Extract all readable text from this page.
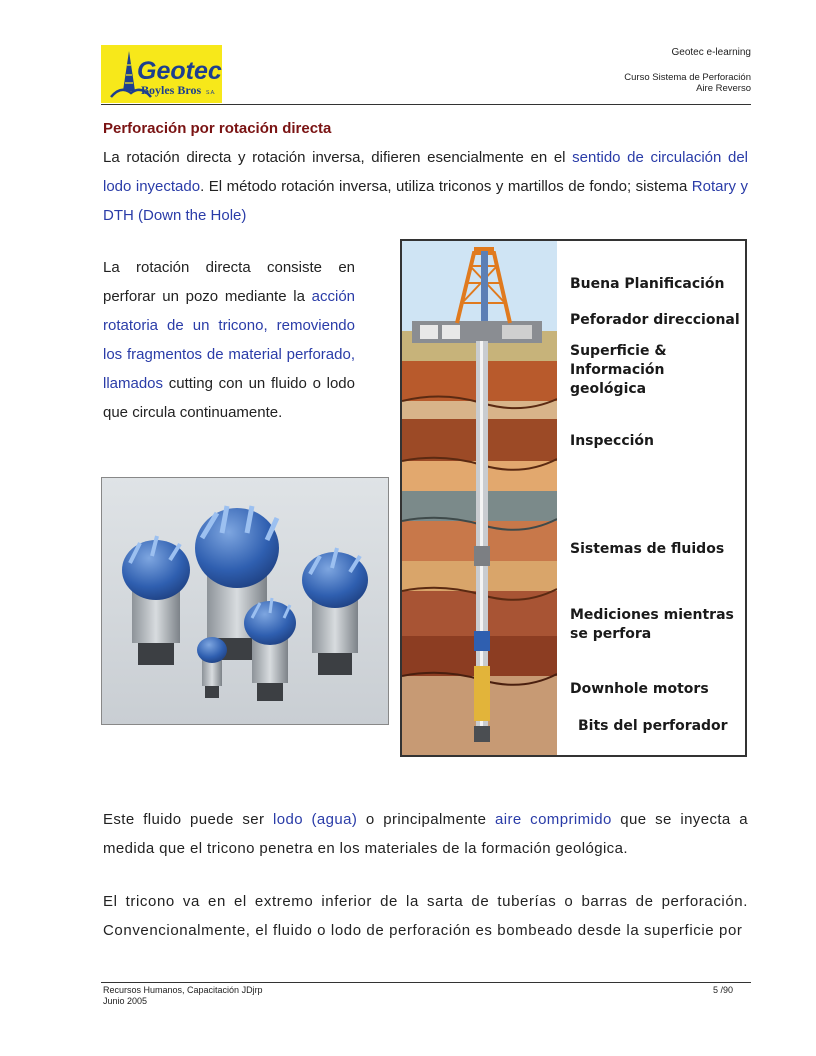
Geotec
Boyles Bros S.A.
Geotec e-learning
Curso Sistema de Perforación
Aire Reverso
Perforación por rotación directa
La rotación directa y rotación inversa, difieren esencialmente en el sentido de circulación del lodo inyectado. El método rotación inversa, utiliza triconos y martillos de fondo; sistema Rotary y DTH (Down the Hole)
La rotación directa consiste en perforar un pozo mediante la acción rotatoria de un tricono, removiendo los fragmentos de material perforado, llamados cutting con un fluido o lodo que circula continuamente.
Buena Planificación
Peforador direccional
Superficie & Información geológica
Inspección
Sistemas de fluidos
Mediciones mientras se perfora
Downhole motors
Bits del perforador
Este fluido puede ser lodo (agua) o principalmente aire comprimido que se inyecta a medida que el tricono penetra en los materiales de la formación geológica.
El tricono va en el extremo inferior de la sarta de tuberías o barras de perforación. Convencionalmente, el fluido o lodo de perforación es bombeado desde la superficie por
Recursos Humanos, Capacitación JDjrp
Junio 2005
5 /90
